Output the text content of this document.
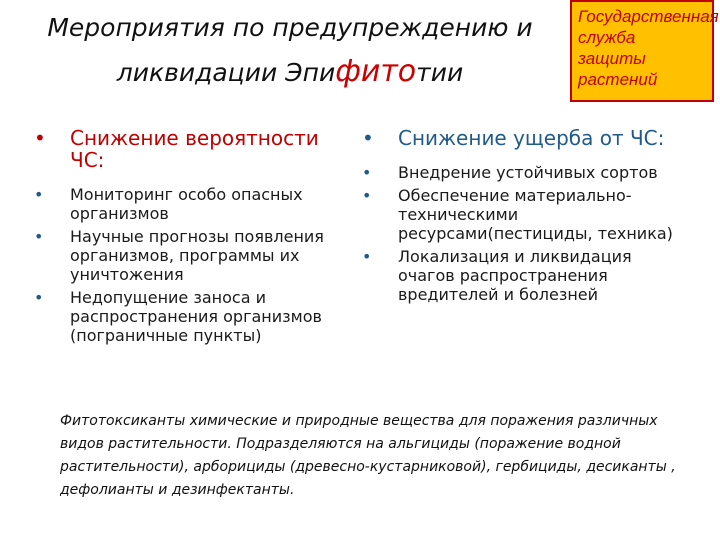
Мероприятия по предупреждению и
ликвидации Эпифитотии
Государственная служба защиты растений
• Снижение вероятности ЧС:
• Мониторинг особо опасных организмов
• Научные прогнозы появления организмов, программы их уничтожения
• Недопущение заноса и распространения организмов (пограничные пункты)
• Снижение ущерба от ЧС:
• Внедрение устойчивых сортов
• Обеспечение материально-техническими ресурсами(пестициды, техника)
• Локализация и ликвидация очагов распространения вредителей и болезней
Фитотоксиканты химические и природные вещества для поражения различных видов растительности. Подразделяются на альгициды (поражение водной растительности), арборициды (древесно-кустарниковой), гербициды, десиканты , дефолианты и дезинфектанты.
